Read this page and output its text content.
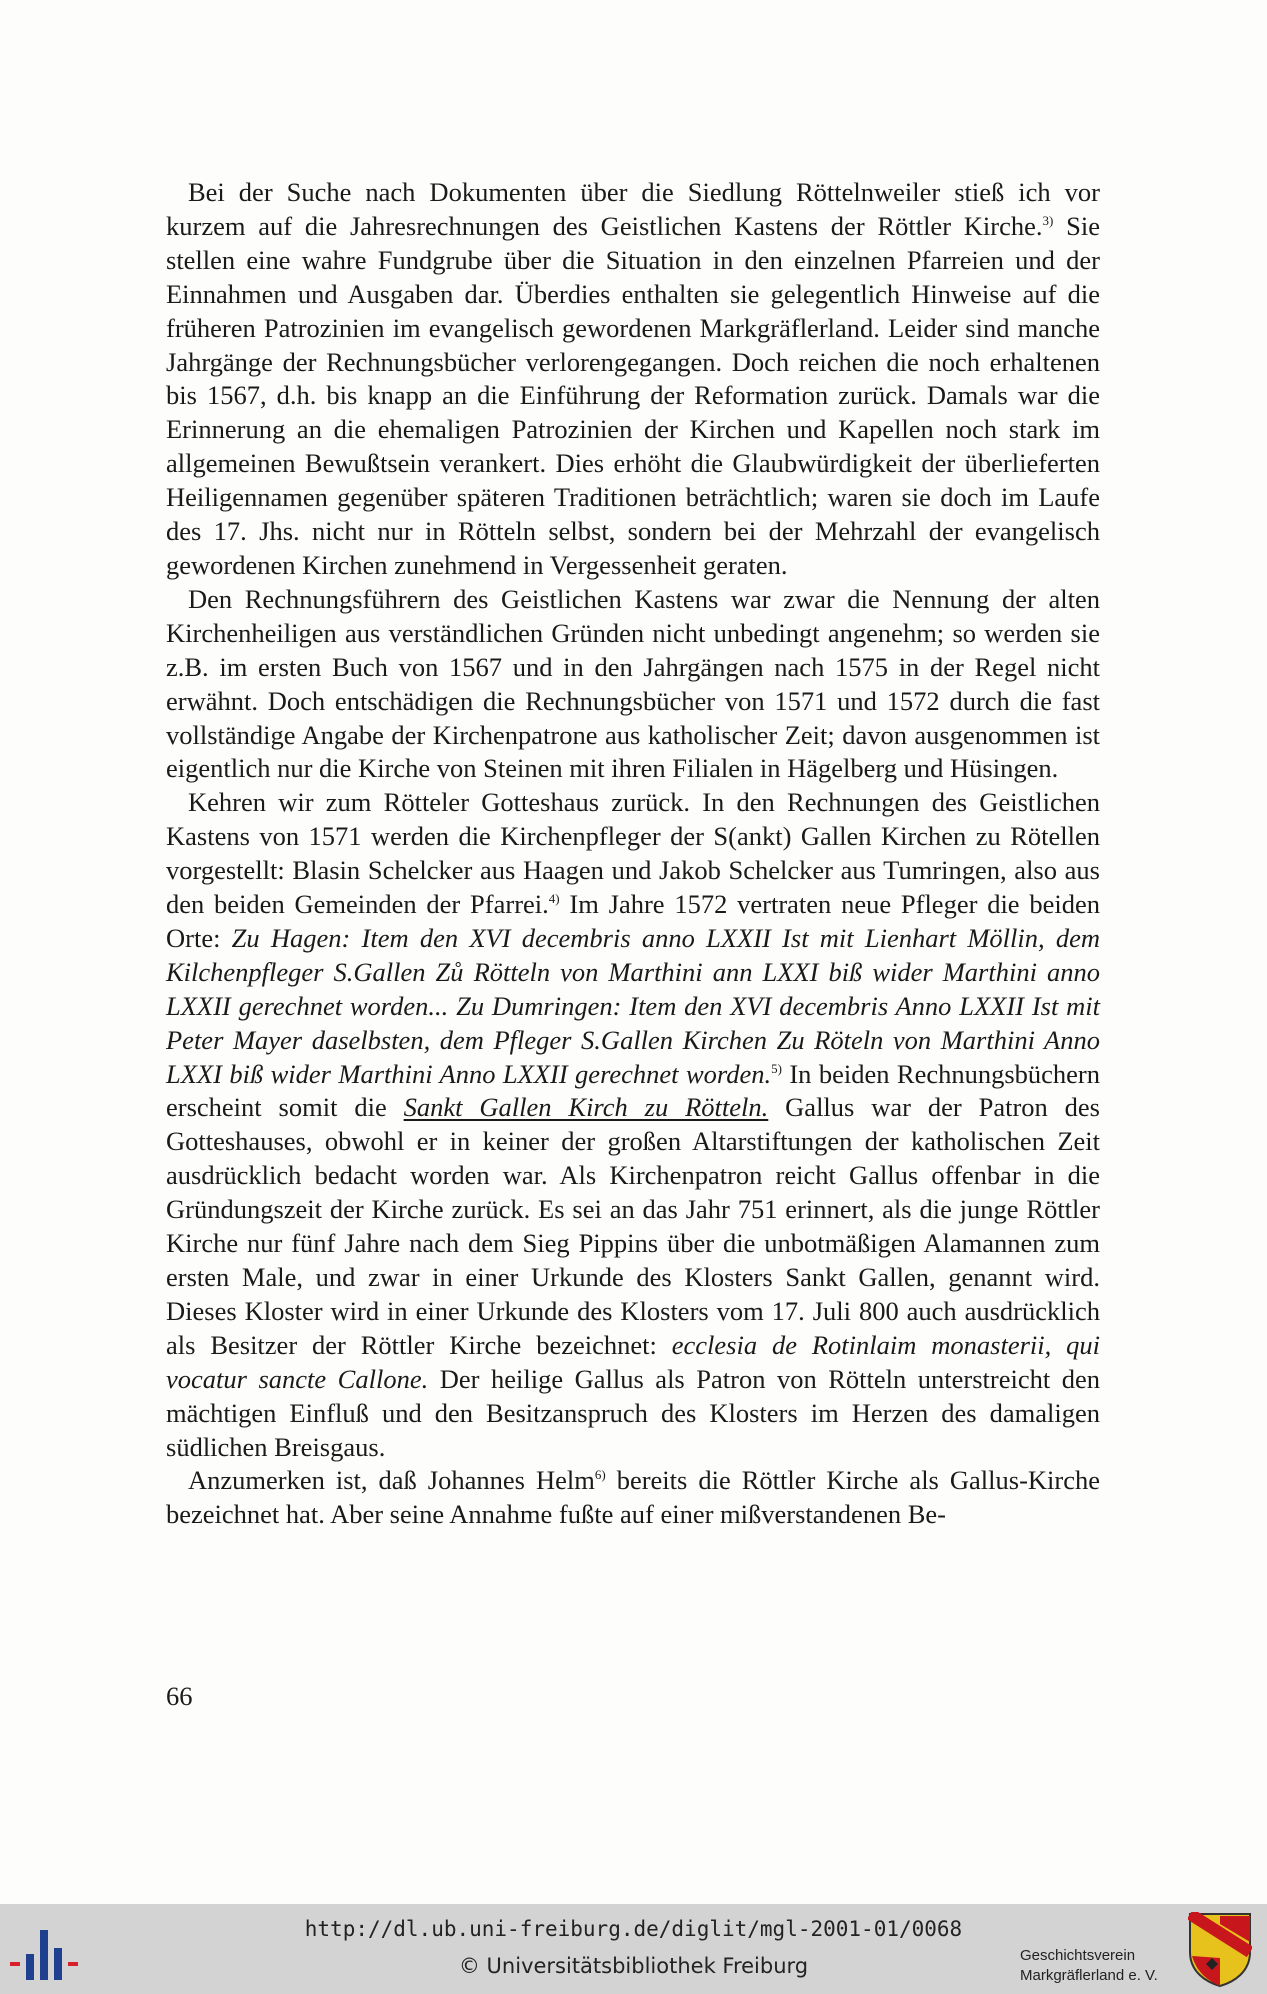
Bei der Suche nach Dokumenten über die Siedlung Röttelnweiler stieß ich vor kurzem auf die Jahresrechnungen des Geistlichen Kastens der Röttler Kirche.$^{3)}$ Sie stellen eine wahre Fundgrube über die Situation in den einzelnen Pfarreien und der Einnahmen und Ausgaben dar. Überdies enthalten sie gelegentlich Hinweise auf die früheren Patrozinien im evangelisch gewordenen Markgräflerland. Leider sind manche Jahrgänge der Rechnungsbücher verlorengegangen. Doch reichen die noch erhaltenen bis 1567, d.h. bis knapp an die Einführung der Reformation zurück. Damals war die Erinnerung an die ehemaligen Patrozinien der Kirchen und Kapellen noch stark im allgemeinen Bewußtsein verankert. Dies erhöht die Glaubwürdigkeit der überlieferten Heiligennamen gegenüber späteren Traditionen beträchtlich; waren sie doch im Laufe des 17. Jhs. nicht nur in Rötteln selbst, sondern bei der Mehrzahl der evangelisch gewordenen Kirchen zunehmend in Vergessenheit geraten.

Den Rechnungsführern des Geistlichen Kastens war zwar die Nennung der alten Kirchenheiligen aus verständlichen Gründen nicht unbedingt angenehm; so werden sie z.B. im ersten Buch von 1567 und in den Jahrgängen nach 1575 in der Regel nicht erwähnt. Doch entschädigen die Rechnungsbücher von 1571 und 1572 durch die fast vollständige Angabe der Kirchenpatrone aus katholischer Zeit; davon ausgenommen ist eigentlich nur die Kirche von Steinen mit ihren Filialen in Hägelberg und Hüsingen.

Kehren wir zum Rötteler Gotteshaus zurück. In den Rechnungen des Geistlichen Kastens von 1571 werden die Kirchenpfleger der S(ankt) Gallen Kirchen zu Rötellen vorgestellt: Blasin Schelcker aus Haagen und Jakob Schelcker aus Tumringen, also aus den beiden Gemeinden der Pfarrei.$^{4)}$ Im Jahre 1572 vertraten neue Pfleger die beiden Orte: Zu Hagen: Item den XVI decembris anno LXXII Ist mit Lienhart Möllin, dem Kilchenpfleger S.Gallen Zů Rötteln von Marthini ann LXXI biß wider Marthini anno LXXII gerechnet worden... Zu Dumringen: Item den XVI decembris Anno LXXII Ist mit Peter Mayer daselbsten, dem Pfleger S.Gallen Kirchen Zu Röteln von Marthini Anno LXXI biß wider Marthini Anno LXXII gerechnet worden.$^{5)}$ In beiden Rechnungsbüchern erscheint somit die Sankt Gallen Kirch zu Rötteln. Gallus war der Patron des Gotteshauses, obwohl er in keiner der großen Altarstiftungen der katholischen Zeit ausdrücklich bedacht worden war. Als Kirchenpatron reicht Gallus offenbar in die Gründungszeit der Kirche zurück. Es sei an das Jahr 751 erinnert, als die junge Röttler Kirche nur fünf Jahre nach dem Sieg Pippins über die unbotmäßigen Alamannen zum ersten Male, und zwar in einer Urkunde des Klosters Sankt Gallen, genannt wird. Dieses Kloster wird in einer Urkunde des Klosters vom 17. Juli 800 auch ausdrücklich als Besitzer der Röttler Kirche bezeichnet: ecclesia de Rotinlaim monasterii, qui vocatur sancte Callone. Der heilige Gallus als Patron von Rötteln unterstreicht den mächtigen Einfluß und den Besitzanspruch des Klosters im Herzen des damaligen südlichen Breisgaus.

Anzumerken ist, daß Johannes Helm$^{6)}$ bereits die Röttler Kirche als Gallus-Kirche bezeichnet hat. Aber seine Annahme fußte auf einer mißverstandenen Be-

66
http://dl.ub.uni-freiburg.de/diglit/mgl-2001-01/0068
© Universitätsbibliothek Freiburg	Geschichtsverein
Markgräflerland e. V.
